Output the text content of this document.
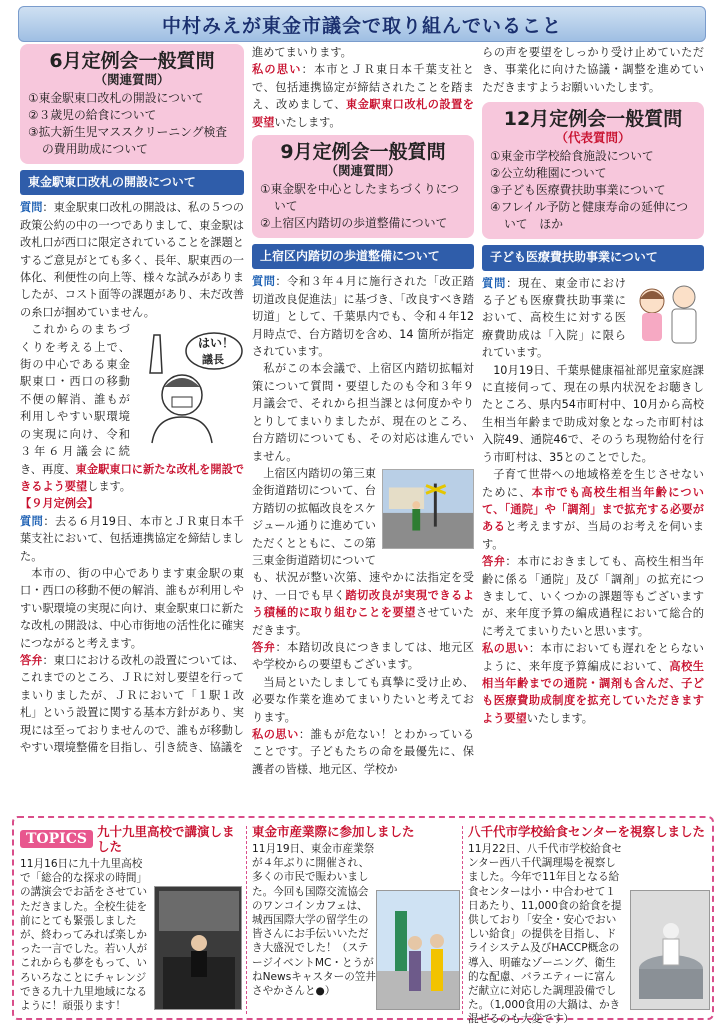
中村みえが東金市議会で取り組んでいること
6月定例会一般質問
（関連質問）
①東金駅東口改札の開設について
②３歳児の給食について
③拡大新生児マススクリーニング検査の費用助成について
東金駅東口改札の開設について

質問：東金駅東口改札の開設は、私の５つの政策公約の中の一つでありまして、東金駅は改札口が西口に限定されていることを課題とするご意見がとても多く、長年、駅東西の一体化、利便性の向上等、様々な試みがありましたが、コスト面等の課題があり、未だ改善の糸口が掴めていません。

はい！
議長

これからのまちづくりを考える上で、街の中心である東金駅東口・西口の移動不便の解消、誰もが利用しやすい駅環境の実現に向け、令和３年６月議会に続き、再度、東金駅東口に新たな改札を開設できるよう要望します。

【９月定例会】

質問：去る６月19日、本市とＪＲ東日本千葉支社において、包括連携協定を締結しました。

本市の、街の中心であります東金駅の東口・西口の移動不便の解消、誰もが利用しやすい駅環境の実現に向け、東金駅東口に新たな改札の開設は、中心市街地の活性化に確実につながると考えます。

答弁：東口における改札の設置については、これまでのところ、ＪＲに対し要望を行ってまいりましたが、ＪＲにおいて「１駅１改札」という設置に関する基本方針があり、実現には至っておりませんので、誰もが移動しやすい環境整備を目指し、引き続き、協議を

進めてまいります。

私の思い：本市とＪＲ東日本千葉支社とで、包括連携協定が締結されたことを踏まえ、改めまして、東金駅東口改札の設置を要望いたします。

9月定例会一般質問
（関連質問）
①東金駅を中心としたまちづくりについて
②上宿区内踏切の歩道整備について
上宿区内踏切の歩道整備について

質問：令和３年４月に施行された「改正踏切道改良促進法」に基づき、「改良すべき踏切道」として、千葉県内でも、令和４年12月時点で、台方踏切を含め、14 箇所が指定されています。

私がこの本会議で、上宿区内踏切拡幅対策について質問・要望したのも令和３年９月議会で、それから担当課とは何度かやりとりしてまいりましたが、現在のところ、台方踏切についても、その対応は進んでいません。

上宿区内踏切の第三東金街道踏切について、台方踏切の拡幅改良をスケジュール通りに進めていただくとともに、この第三東金街道踏切についても、状況が整い次第、速やかに法指定を受け、一日でも早く踏切改良が実現できるよう積極的に取り組むことを要望させていただきます。

答弁：本踏切改良につきましては、地元区や学校からの要望もございます。

当局といたしましても真摯に受け止め、必要な作業を進めてまいりたいと考えております。

私の思い：誰もが危ない！とわかっていることです。子どもたちの命を最優先に、保護者の皆様、地元区、学校か

らの声を要望をしっかり受け止めていただき、事業化に向けた協議・調整を進めていただきますようお願いいたします。

12月定例会一般質問
（代表質問）
①東金市学校給食施設について
②公立幼稚園について
③子ども医療費扶助事業について
④フレイル予防と健康寿命の延伸について　ほか
子ども医療費扶助事業について

質問：現在、東金市における子ども医療費扶助事業において、高校生に対する医療費助成は「入院」に限られています。

10月19日、千葉県健康福祉部児童家庭課に直接伺って、現在の県内状況をお聴きしたところ、県内54市町村中、10月から高校生相当年齢まで助成対象となった市町村は入院49、通院46で、そのうち現物給付を行う市町村は、35とのことでした。

子育て世帯への地域格差を生じさせないために、本市でも高校生相当年齢について、「通院」や「調剤」まで拡充する必要があると考えますが、当局のお考えを伺います。

答弁：本市におきましても、高校生相当年齢に係る「通院」及び「調剤」の拡充につきまして、いくつかの課題等もございますが、来年度予算の編成過程において総合的に考えてまいりたいと思います。

私の思い：本市においても遅れをとらないように、来年度予算編成において、高校生相当年齢までの通院・調剤も含んだ、子ども医療費助成制度を拡充していただきますよう要望いたします。

TOPICS 九十九里高校で講演しました
11月16日に九十九里高校で「総合的な探求の時間」の講演会でお話をさせていただきました。全校生徒を前にとても緊張しましたが、終わってみれば楽しかった一言でした。若い人がこれからも夢をもって、いろいろなことにチャレンジできる九十九里地域になるように！頑張ります！
東金市産業際に参加しました
11月19日、東金市産業祭が４年ぶりに開催され、多くの市民で賑わいました。今回も国際交流協会のワンコインカフェは、城西国際大学の留学生の皆さんにお手伝いいただき大盛況でした！（ステージイベントMC・とうがねNewsキャスターの笠井さやかさんと●）
八千代市学校給食センターを視察しました
11月22日、八千代市学校給食センター西八千代調理場を視察しました。今年で11年目となる給食センターは小・中合わせて１日あたり、11,000食の給食を提供しており「安全・安心でおいしい給食」の提供を目指し、ドライシステム及びHACCP概念の導入、明確なゾーニング、衛生的な配慮、バラエティーに富んだ献立に対応した調理設備でした。（1,000食用の大鍋は、かき混ぜるのも大変です）
